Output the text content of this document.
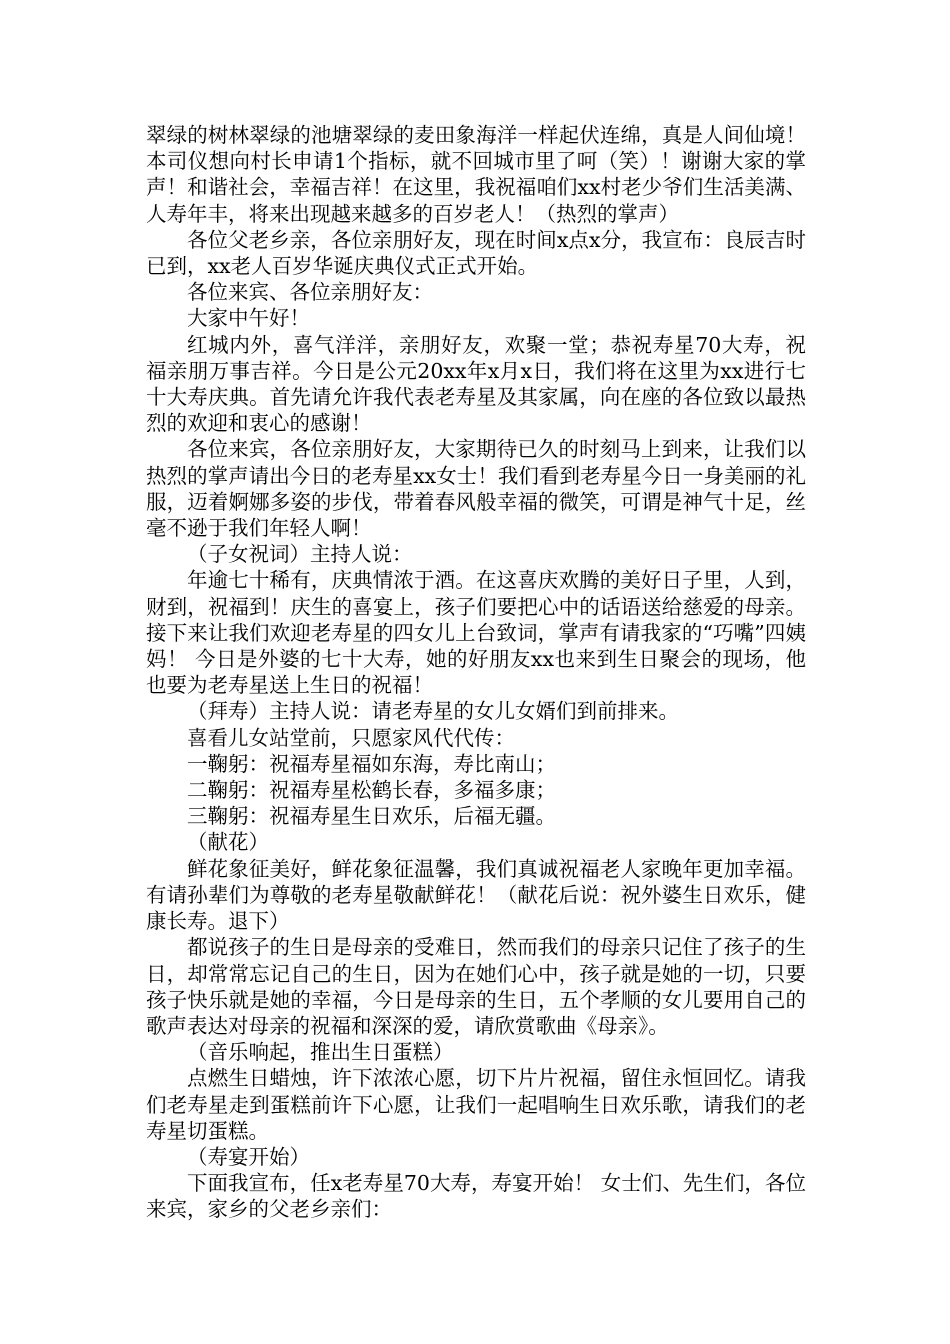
翠绿的树林翠绿的池塘翠绿的麦田象海洋一样起伏连绵，真是人间仙境！本司仪想向村长申请1个指标，就不回城市里了呵（笑）！谢谢大家的掌声！和谐社会，幸福吉祥！在这里，我祝福咱们xx村老少爷们生活美满、人寿年丰，将来出现越来越多的百岁老人！（热烈的掌声）

各位父老乡亲，各位亲朋好友，现在时间x点x分，我宣布：良辰吉时已到，xx老人百岁华诞庆典仪式正式开始。

各位来宾、各位亲朋好友：

大家中午好！

红城内外，喜气洋洋，亲朋好友，欢聚一堂；恭祝寿星70大寿，祝福亲朋万事吉祥。今日是公元20xx年x月x日，我们将在这里为xx进行七十大寿庆典。首先请允许我代表老寿星及其家属，向在座的各位致以最热烈的欢迎和衷心的感谢！

各位来宾，各位亲朋好友，大家期待已久的时刻马上到来，让我们以热烈的掌声请出今日的老寿星xx女士！我们看到老寿星今日一身美丽的礼服，迈着婀娜多姿的步伐，带着春风般幸福的微笑，可谓是神气十足，丝毫不逊于我们年轻人啊！

（子女祝词）主持人说：

年逾七十稀有，庆典情浓于酒。在这喜庆欢腾的美好日子里，人到，财到，祝福到！庆生的喜宴上，孩子们要把心中的话语送给慈爱的母亲。接下来让我们欢迎老寿星的四女儿上台致词，掌声有请我家的“巧嘴”四姨妈！ 今日是外婆的七十大寿，她的好朋友xx也来到生日聚会的现场，他也要为老寿星送上生日的祝福！

（拜寿）主持人说：请老寿星的女儿女婿们到前排来。

喜看儿女站堂前，只愿家风代代传：

一鞠躬：祝福寿星福如东海，寿比南山；

二鞠躬：祝福寿星松鹤长春，多福多康；

三鞠躬：祝福寿星生日欢乐，后福无疆。

（献花）

鲜花象征美好，鲜花象征温馨，我们真诚祝福老人家晚年更加幸福。有请孙辈们为尊敬的老寿星敬献鲜花！（献花后说：祝外婆生日欢乐，健康长寿。退下）

都说孩子的生日是母亲的受难日，然而我们的母亲只记住了孩子的生日，却常常忘记自己的生日，因为在她们心中，孩子就是她的一切，只要孩子快乐就是她的幸福，今日是母亲的生日，五个孝顺的女儿要用自己的歌声表达对母亲的祝福和深深的爱，请欣赏歌曲《母亲》。

（音乐响起，推出生日蛋糕）

点燃生日蜡烛，许下浓浓心愿，切下片片祝福，留住永恒回忆。请我们老寿星走到蛋糕前许下心愿，让我们一起唱响生日欢乐歌，请我们的老寿星切蛋糕。

（寿宴开始）

下面我宣布，任x老寿星70大寿，寿宴开始！ 女士们、先生们，各位来宾，家乡的父老乡亲们：
